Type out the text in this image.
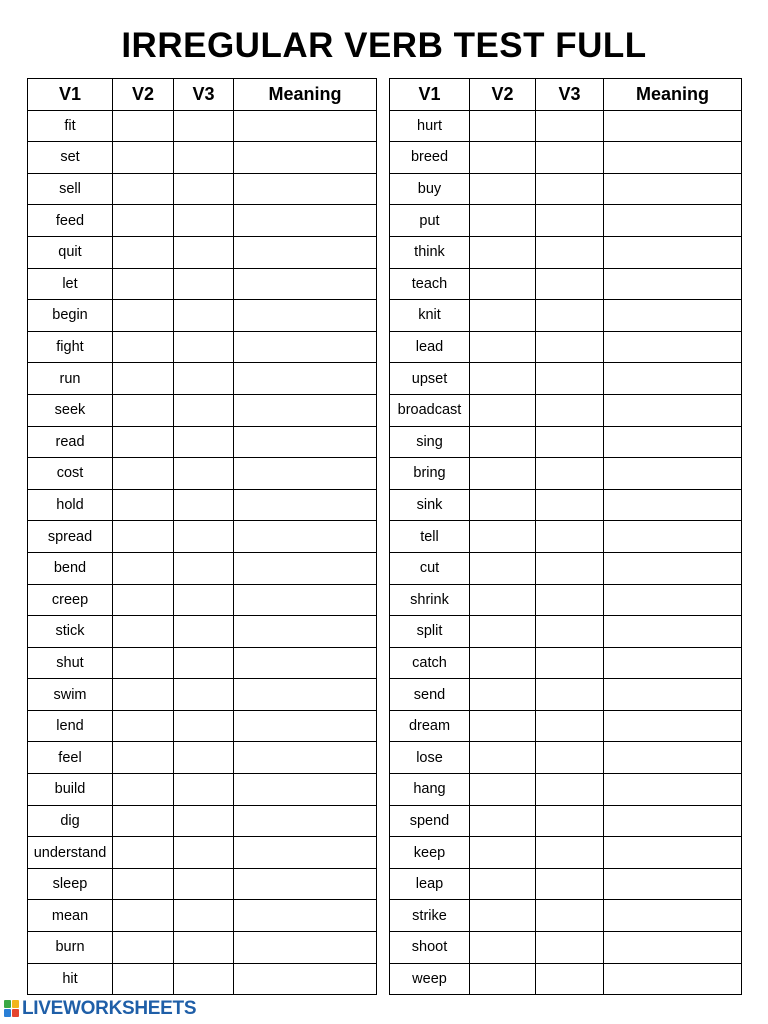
IRREGULAR VERB TEST FULL
V1	V2	V3	Meaning
fit			
set			
sell			
feed			
quit			
let			
begin			
fight			
run			
seek			
read			
cost			
hold			
spread			
bend			
creep			
stick			
shut			
swim			
lend			
feel			
build			
dig			
understand			
sleep			
mean			
burn			
hit			
V1	V2	V3	Meaning
hurt			
breed			
buy			
put			
think			
teach			
knit			
lead			
upset			
broadcast			
sing			
bring			
sink			
tell			
cut			
shrink			
split			
catch			
send			
dream			
lose			
hang			
spend			
keep			
leap			
strike			
shoot			
weep			
LIVEWORKSHEETS
